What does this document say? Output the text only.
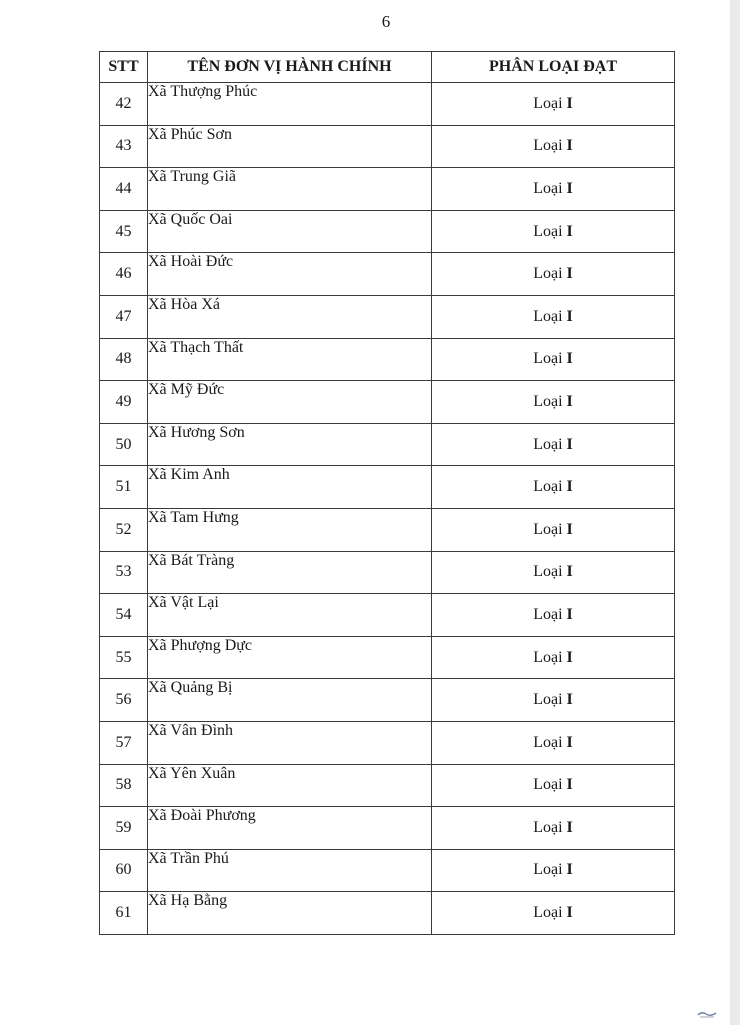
6
STT	TÊN ĐƠN VỊ HÀNH CHÍNH	PHÂN LOẠI ĐẠT
42	Xã Thượng Phúc	Loại I
43	Xã Phúc Sơn	Loại I
44	Xã Trung Giã	Loại I
45	Xã Quốc Oai	Loại I
46	Xã Hoài Đức	Loại I
47	Xã Hòa Xá	Loại I
48	Xã Thạch Thất	Loại I
49	Xã Mỹ Đức	Loại I
50	Xã Hương Sơn	Loại I
51	Xã Kim Anh	Loại I
52	Xã Tam Hưng	Loại I
53	Xã Bát Tràng	Loại I
54	Xã Vật Lại	Loại I
55	Xã Phượng Dực	Loại I
56	Xã Quảng Bị	Loại I
57	Xã Vân Đình	Loại I
58	Xã Yên Xuân	Loại I
59	Xã Đoài Phương	Loại I
60	Xã Trần Phú	Loại I
61	Xã Hạ Bằng	Loại I
